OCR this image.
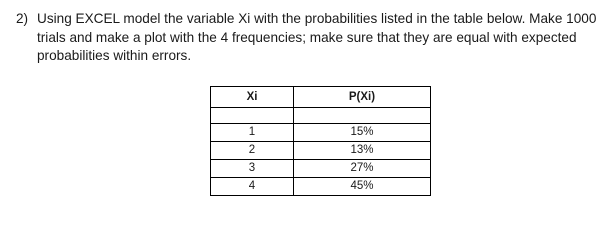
2) Using EXCEL model the variable Xi with the probabilities listed in the table below. Make 1000 trials and make a plot with the 4 frequencies; make sure that they are equal with expected probabilities within errors.
Xi	P(Xi)

1	15%
2	13%
3	27%
4	45%
